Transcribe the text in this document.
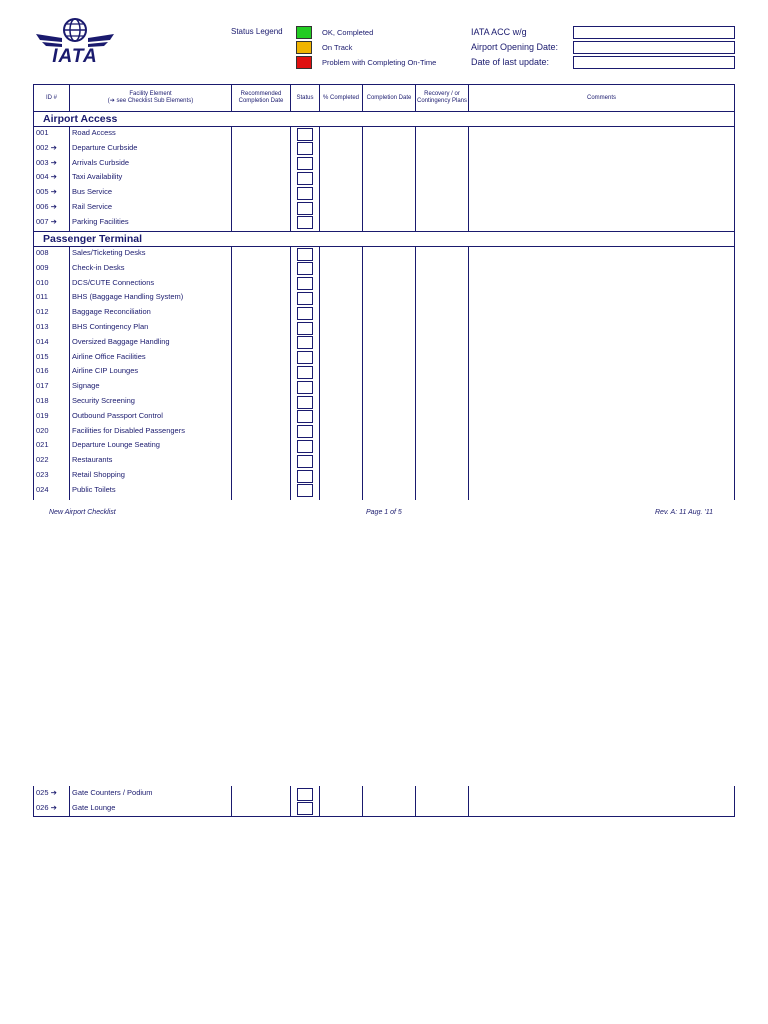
IATA
Status Legend	OK, Completed
On Track
Problem with Completing On-Time
IATA ACC w/g
Airport Opening Date:
Date of last update:
ID #
Facility Element
(➔ see Checklist Sub Elements)
Recommended Completion Date
Status	% Completed	Completion Date
Recovery / or Contingency Plans
Comments
Airport Access
001	Road Access
002 ➔ Departure Curbside
003 ➔ Arrivals Curbside
004 ➔ Taxi Availability
005 ➔ Bus Service
006 ➔ Rail Service
007 ➔ Parking Facilities
Passenger Terminal
008	Sales/Ticketing Desks
009	Check-in Desks
010	DCS/CUTE Connections
011	BHS (Baggage Handling System)
012	Baggage Reconciliation
013	BHS Contingency Plan
014	Oversized Baggage Handling
015	Airline Office Facilities
016	Airline CIP Lounges
017	Signage
018	Security Screening
019	Outbound Passport Control
020	Facilities for Disabled Passengers
021	Departure Lounge Seating
022	Restaurants
023	Retail Shopping
024	Public Toilets
New Airport Checklist	Page 1 of 5	Rev. A: 11 Aug. '11
025 ➔ Gate Counters / Podium
026 ➔ Gate Lounge
